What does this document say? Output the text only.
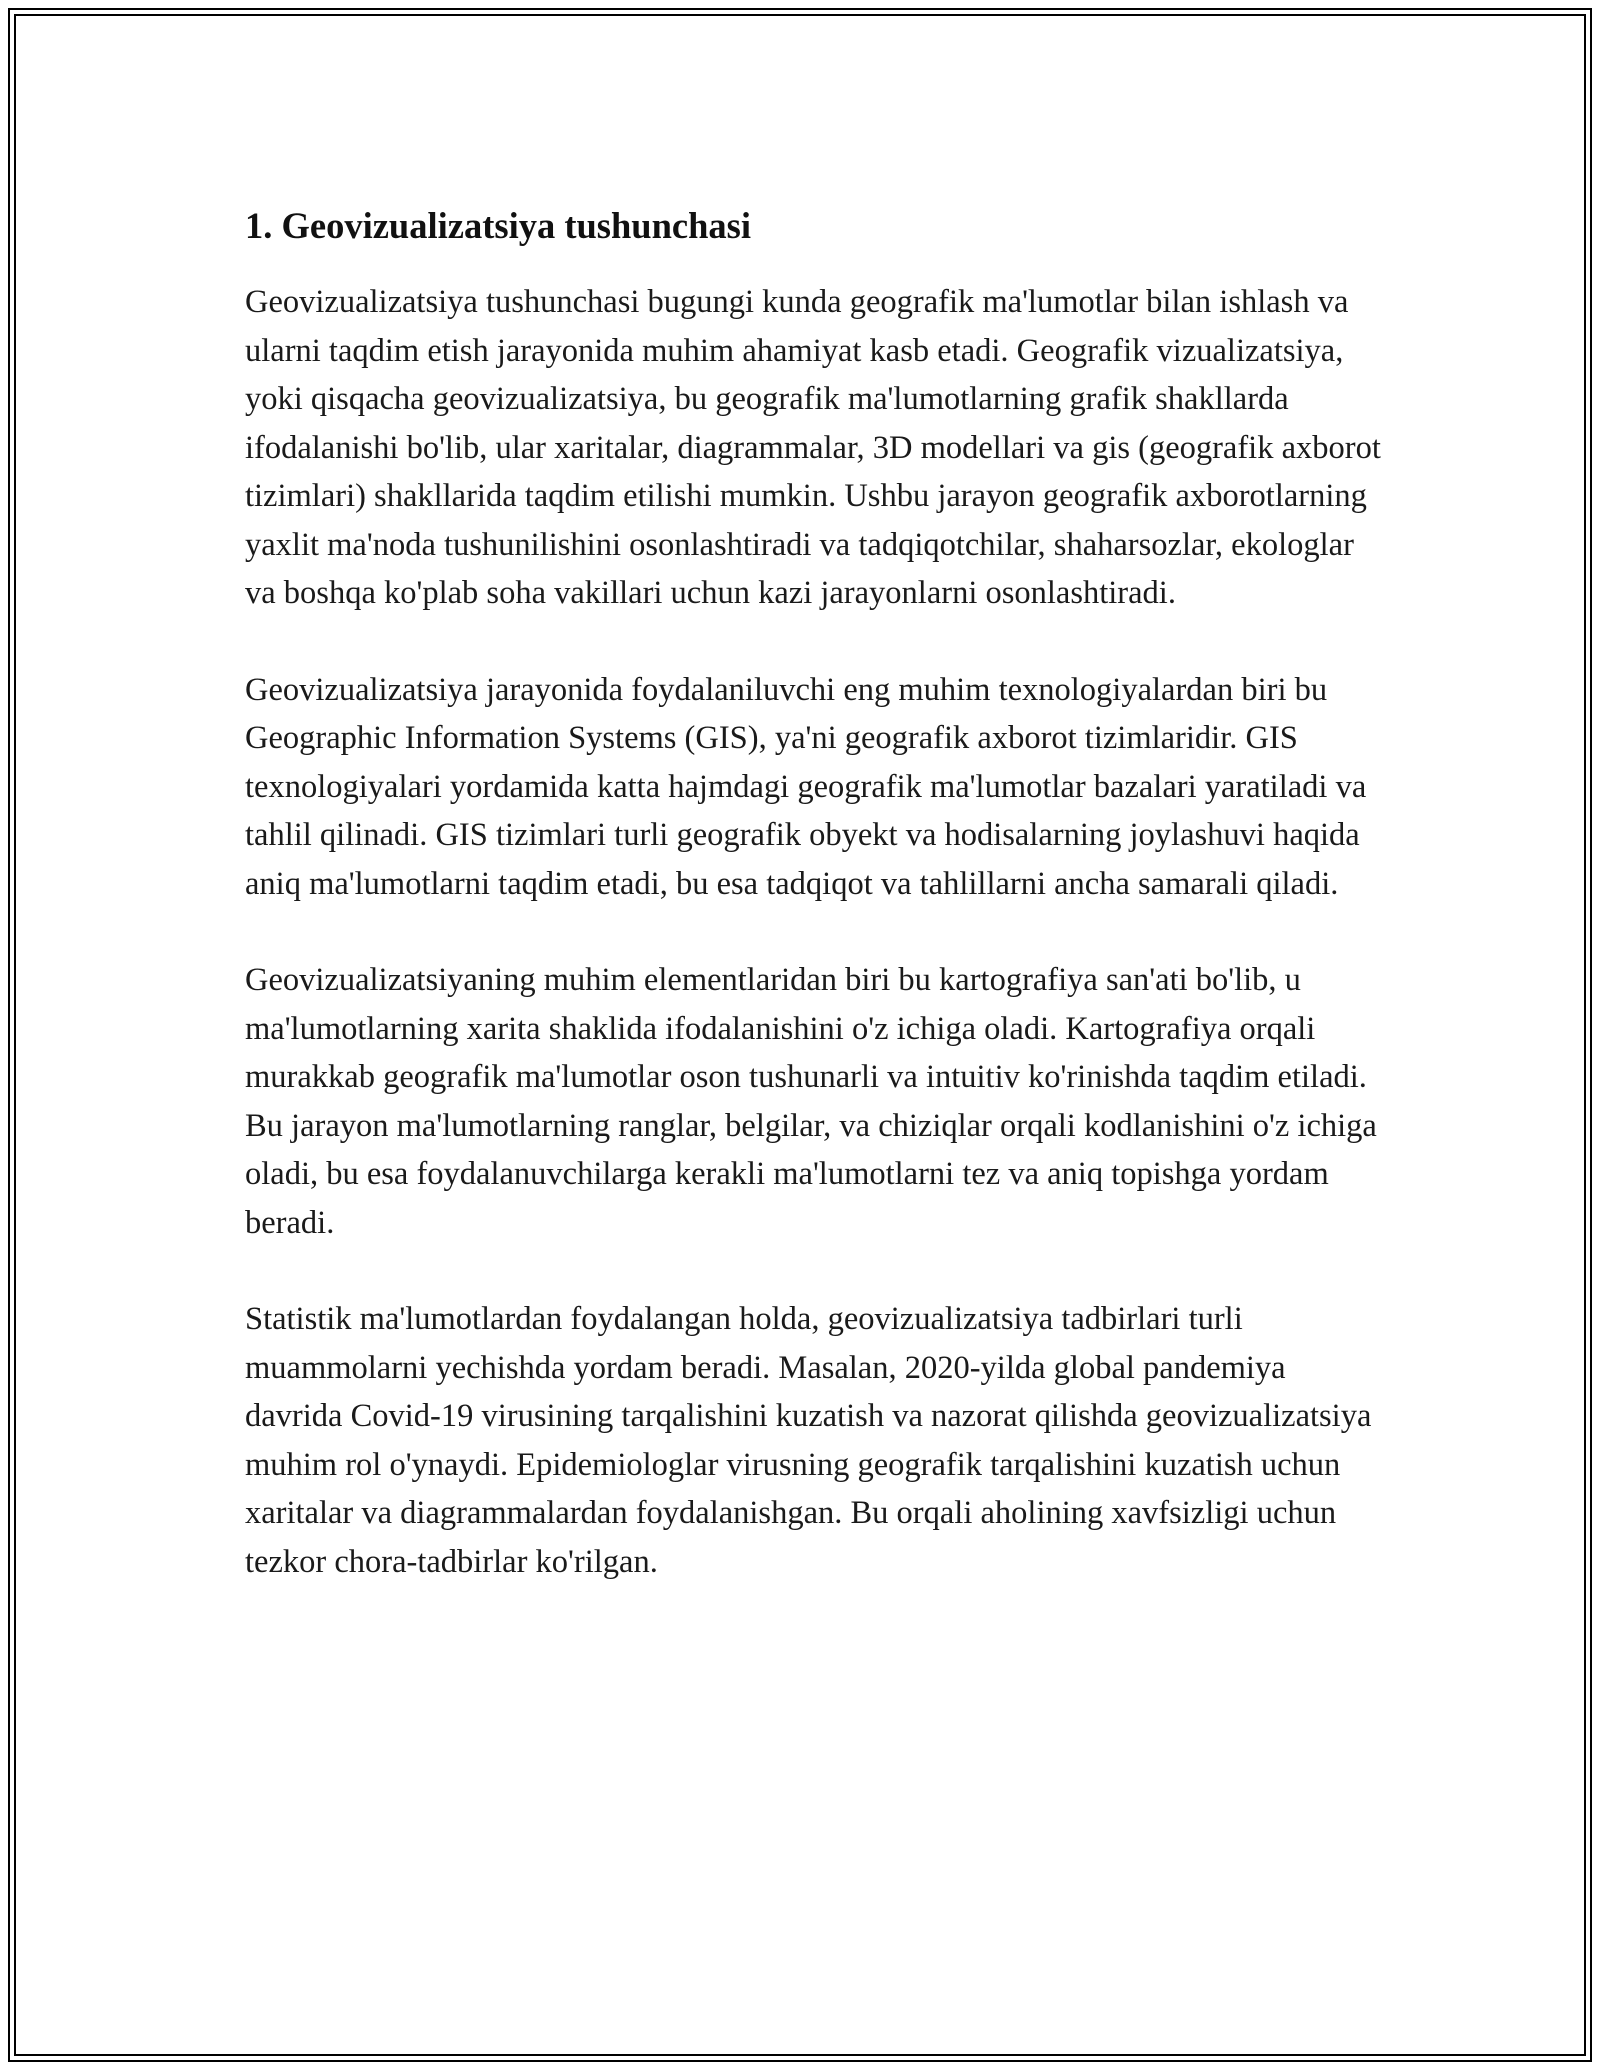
1. Geovizualizatsiya tushunchasi

Geovizualizatsiya tushunchasi bugungi kunda geografik ma'lumotlar bilan ishlash va ularni taqdim etish jarayonida muhim ahamiyat kasb etadi. Geografik vizualizatsiya, yoki qisqacha geovizualizatsiya, bu geografik ma'lumotlarning grafik shakllarda ifodalanishi bo'lib, ular xaritalar, diagrammalar, 3D modellari va gis (geografik axborot tizimlari) shakllarida taqdim etilishi mumkin. Ushbu jarayon geografik axborotlarning yaxlit ma'noda tushunilishini osonlashtiradi va tadqiqotchilar, shaharsozlar, ekologlar va boshqa ko'plab soha vakillari uchun kazi jarayonlarni osonlashtiradi.

Geovizualizatsiya jarayonida foydalaniluvchi eng muhim texnologiyalardan biri bu Geographic Information Systems (GIS), ya'ni geografik axborot tizimlaridir. GIS texnologiyalari yordamida katta hajmdagi geografik ma'lumotlar bazalari yaratiladi va tahlil qilinadi. GIS tizimlari turli geografik obyekt va hodisalarning joylashuvi haqida aniq ma'lumotlarni taqdim etadi, bu esa tadqiqot va tahlillarni ancha samarali qiladi.

Geovizualizatsiyaning muhim elementlaridan biri bu kartografiya san'ati bo'lib, u ma'lumotlarning xarita shaklida ifodalanishini o'z ichiga oladi. Kartografiya orqali murakkab geografik ma'lumotlar oson tushunarli va intuitiv ko'rinishda taqdim etiladi. Bu jarayon ma'lumotlarning ranglar, belgilar, va chiziqlar orqali kodlanishini o'z ichiga oladi, bu esa foydalanuvchilarga kerakli ma'lumotlarni tez va aniq topishga yordam beradi.

Statistik ma'lumotlardan foydalangan holda, geovizualizatsiya tadbirlari turli muammolarni yechishda yordam beradi. Masalan, 2020-yilda global pandemiya davrida Covid-19 virusining tarqalishini kuzatish va nazorat qilishda geovizualizatsiya muhim rol o'ynaydi. Epidemiologlar virusning geografik tarqalishini kuzatish uchun xaritalar va diagrammalardan foydalanishgan. Bu orqali aholining xavfsizligi uchun tezkor chora-tadbirlar ko'rilgan.
